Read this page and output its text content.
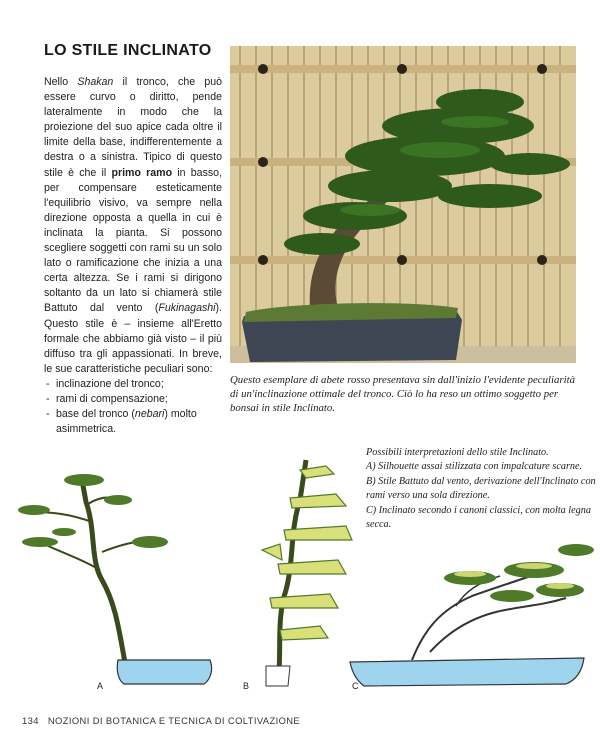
LO STILE INCLINATO

Nello Shakan il tronco, che può essere curvo o diritto, pende lateralmente in modo che la proiezione del suo apice cada oltre il limite della base, indifferentemente a destra o a sinistra. Tipico di questo stile è che il primo ramo in basso, per compensare esteticamente l'equilibrio visivo, va sempre nella direzione opposta a quella in cui è inclinata la pianta. Si possono scegliere soggetti con rami su un solo lato o ramificazione che inizia a una certa altezza. Se i rami si dirigono soltanto da un lato si chiamerà stile Battuto dal vento (Fukinagashi). Questo stile è – insieme all'Eretto formale che abbiamo già visto – il più diffuso tra gli appassionati. In breve, le sue caratteristiche peculiari sono:

- inclinazione del tronco;
- rami di compensazione;
- base del tronco (nebari) molto asimmetrica.
Questo esemplare di abete rosso presentava sin dall'inizio l'evidente peculiarità di un'inclinazione ottimale del tronco. Ciò lo ha reso un ottimo soggetto per bonsai in stile Inclinato.
Possibili interpretazioni dello stile Inclinato.
A) Silhouette assai stilizzata con impalcature scarne.
B) Stile Battuto dal vento, derivazione dell'Inclinato con rami verso una sola direzione.
C) Inclinato secondo i canoni classici, con molta legna secca.
A	B	C
134 NOZIONI DI BOTANICA E TECNICA DI COLTIVAZIONE
